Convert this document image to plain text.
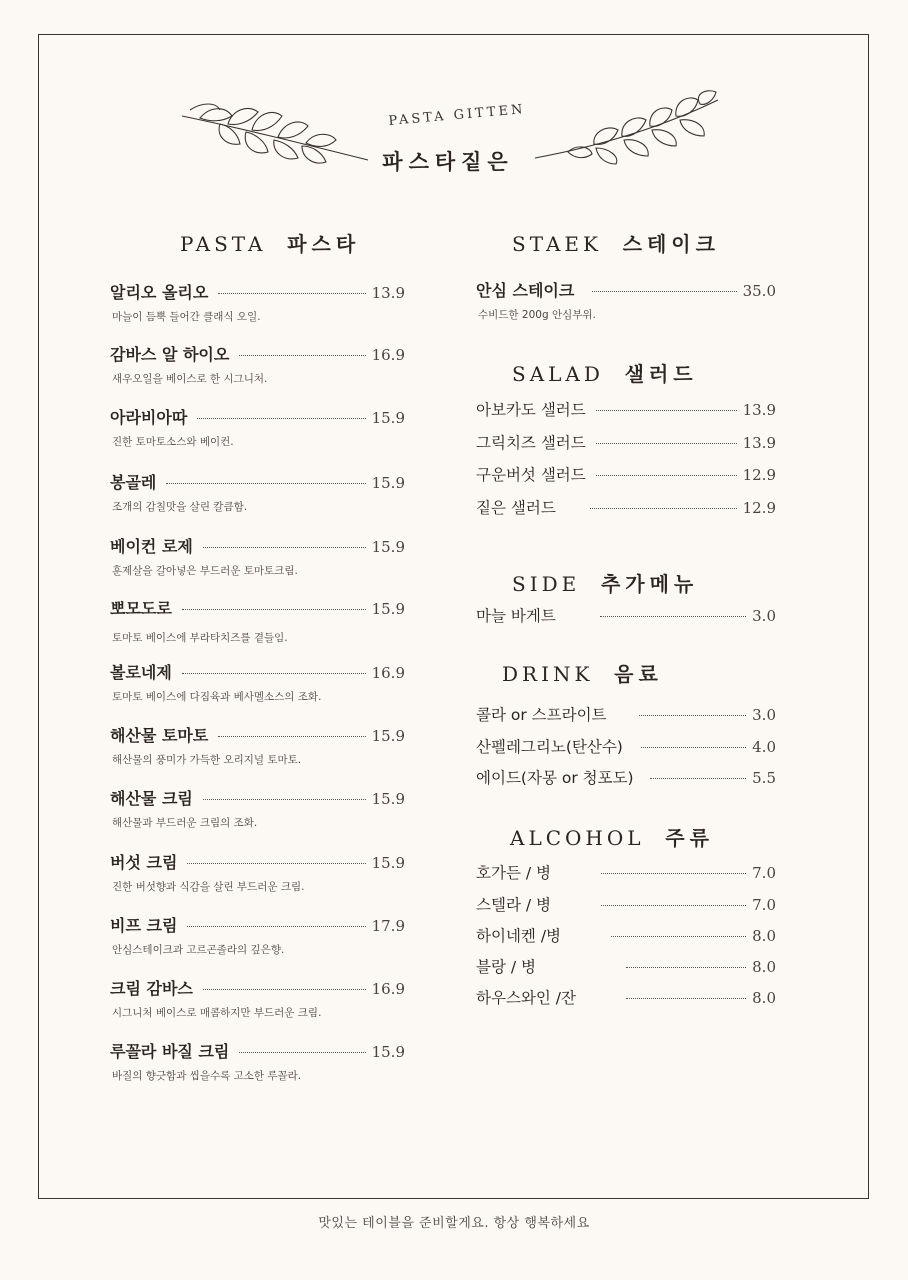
PASTA GITTEN
파스타짙은
PASTA 파스타
알리오 올리오	13.9
마늘이 듬뿍 들어간 클래식 오일.
감바스 알 하이오	16.9
새우오일을 베이스로 한 시그니처.
아라비아따	15.9
진한 토마토소스와 베이컨.
봉골레	15.9
조개의 감칠맛을 살린 칼큼함.
베이컨 로제	15.9
훈제살을 갈아넣은 부드러운 토마토크림.
뽀모도로	15.9
토마토 베이스에 부라타치즈를 곁들임.
볼로네제	16.9
토마토 베이스에 다짐육과 베사멜소스의 조화.
해산물 토마토	15.9
해산물의 풍미가 가득한 오리지널 토마토.
해산물 크림	15.9
해산물과 부드러운 크림의 조화.
버섯 크림	15.9
진한 버섯향과 식감을 살린 부드러운 크림.
비프 크림	17.9
안심스테이크과 고르곤졸라의 깊은향.
크림 감바스	16.9
시그니처 베이스로 매콤하지만 부드러운 크림.
루꼴라 바질 크림	15.9
바질의 향긋함과 씹을수록 고소한 루꼴라.
STAEK 스테이크
안심 스테이크	35.0
수비드한 200g 안심부위.
SALAD 샐러드
아보카도 샐러드	13.9
그릭치즈 샐러드	13.9
구운버섯 샐러드	12.9
짙은 샐러드	12.9
SIDE 추가메뉴
마늘 바게트	3.0
DRINK 음료
콜라 or 스프라이트	3.0
산펠레그리노(탄산수)	4.0
에이드(자몽 or 청포도)	5.5
ALCOHOL 주류
호가든 / 병	7.0
스텔라 / 병	7.0
하이네켄 /병	8.0
블랑 / 병	8.0
하우스와인 /잔	8.0
맛있는 테이블을 준비할게요. 항상 행복하세요
